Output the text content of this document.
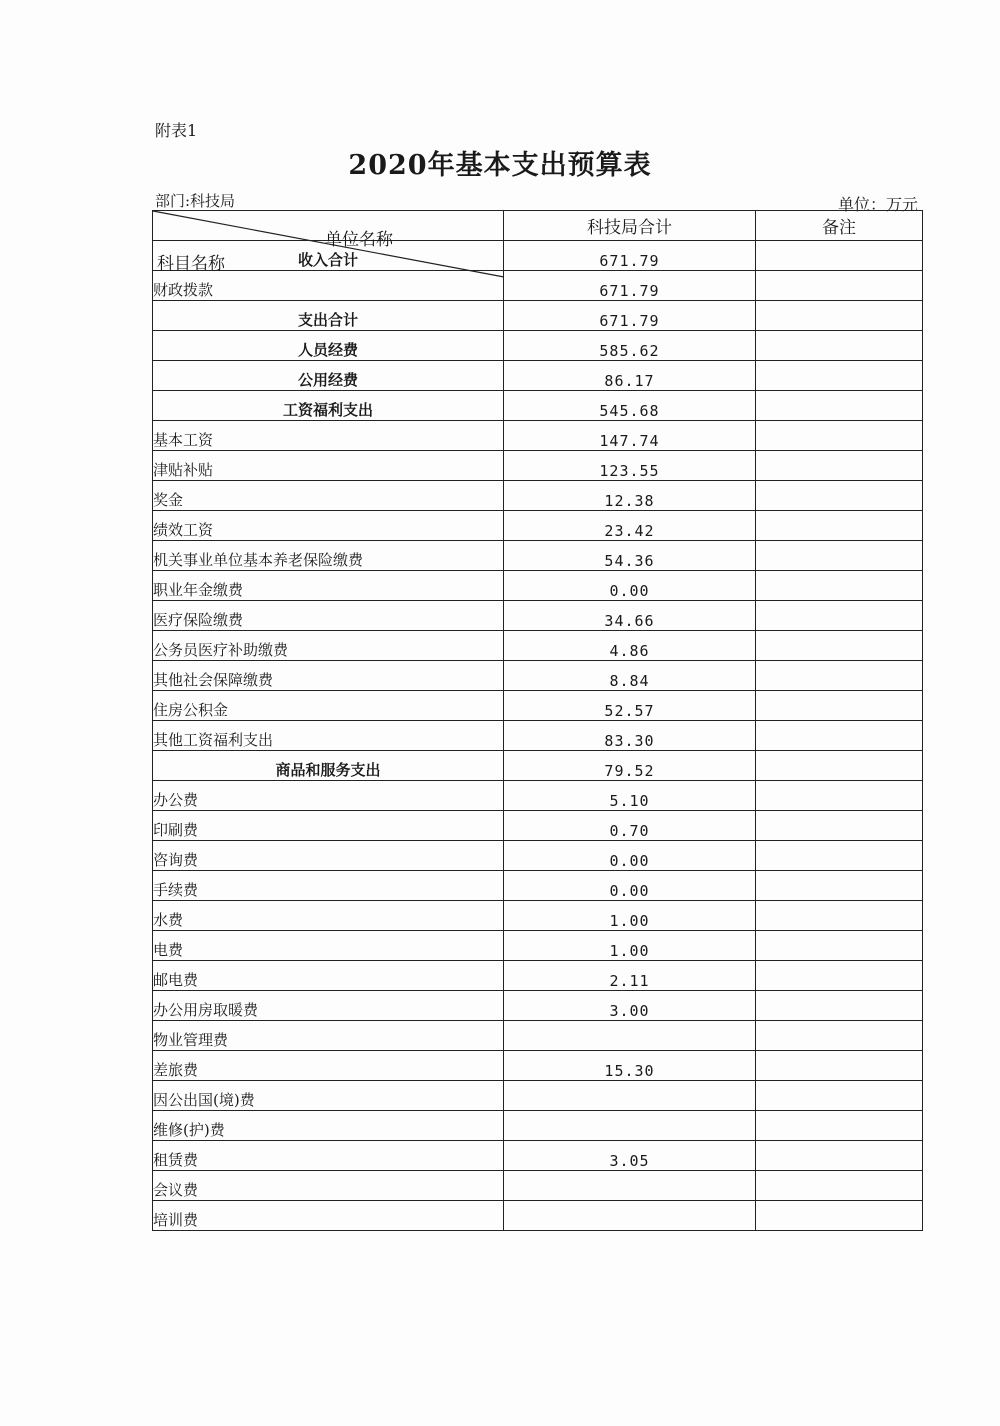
附表1
2020年基本支出预算表
部门:科技局	单位：万元
单位名称
科目名称	科技局合计	备注
收入合计	671.79	
财政拨款	671.79	
支出合计	671.79	
人员经费	585.62	
公用经费	86.17	
工资福利支出	545.68	
基本工资	147.74	
津贴补贴	123.55	
奖金	12.38	
绩效工资	23.42	
机关事业单位基本养老保险缴费	54.36	
职业年金缴费	0.00	
医疗保险缴费	34.66	
公务员医疗补助缴费	4.86	
其他社会保障缴费	8.84	
住房公积金	52.57	
其他工资福利支出	83.30	
商品和服务支出	79.52	
办公费	5.10	
印刷费	0.70	
咨询费	0.00	
手续费	0.00	
水费	1.00	
电费	1.00	
邮电费	2.11	
办公用房取暖费	3.00	
物业管理费		
差旅费	15.30	
因公出国(境)费		
维修(护)费		
租赁费	3.05	
会议费		
培训费		
